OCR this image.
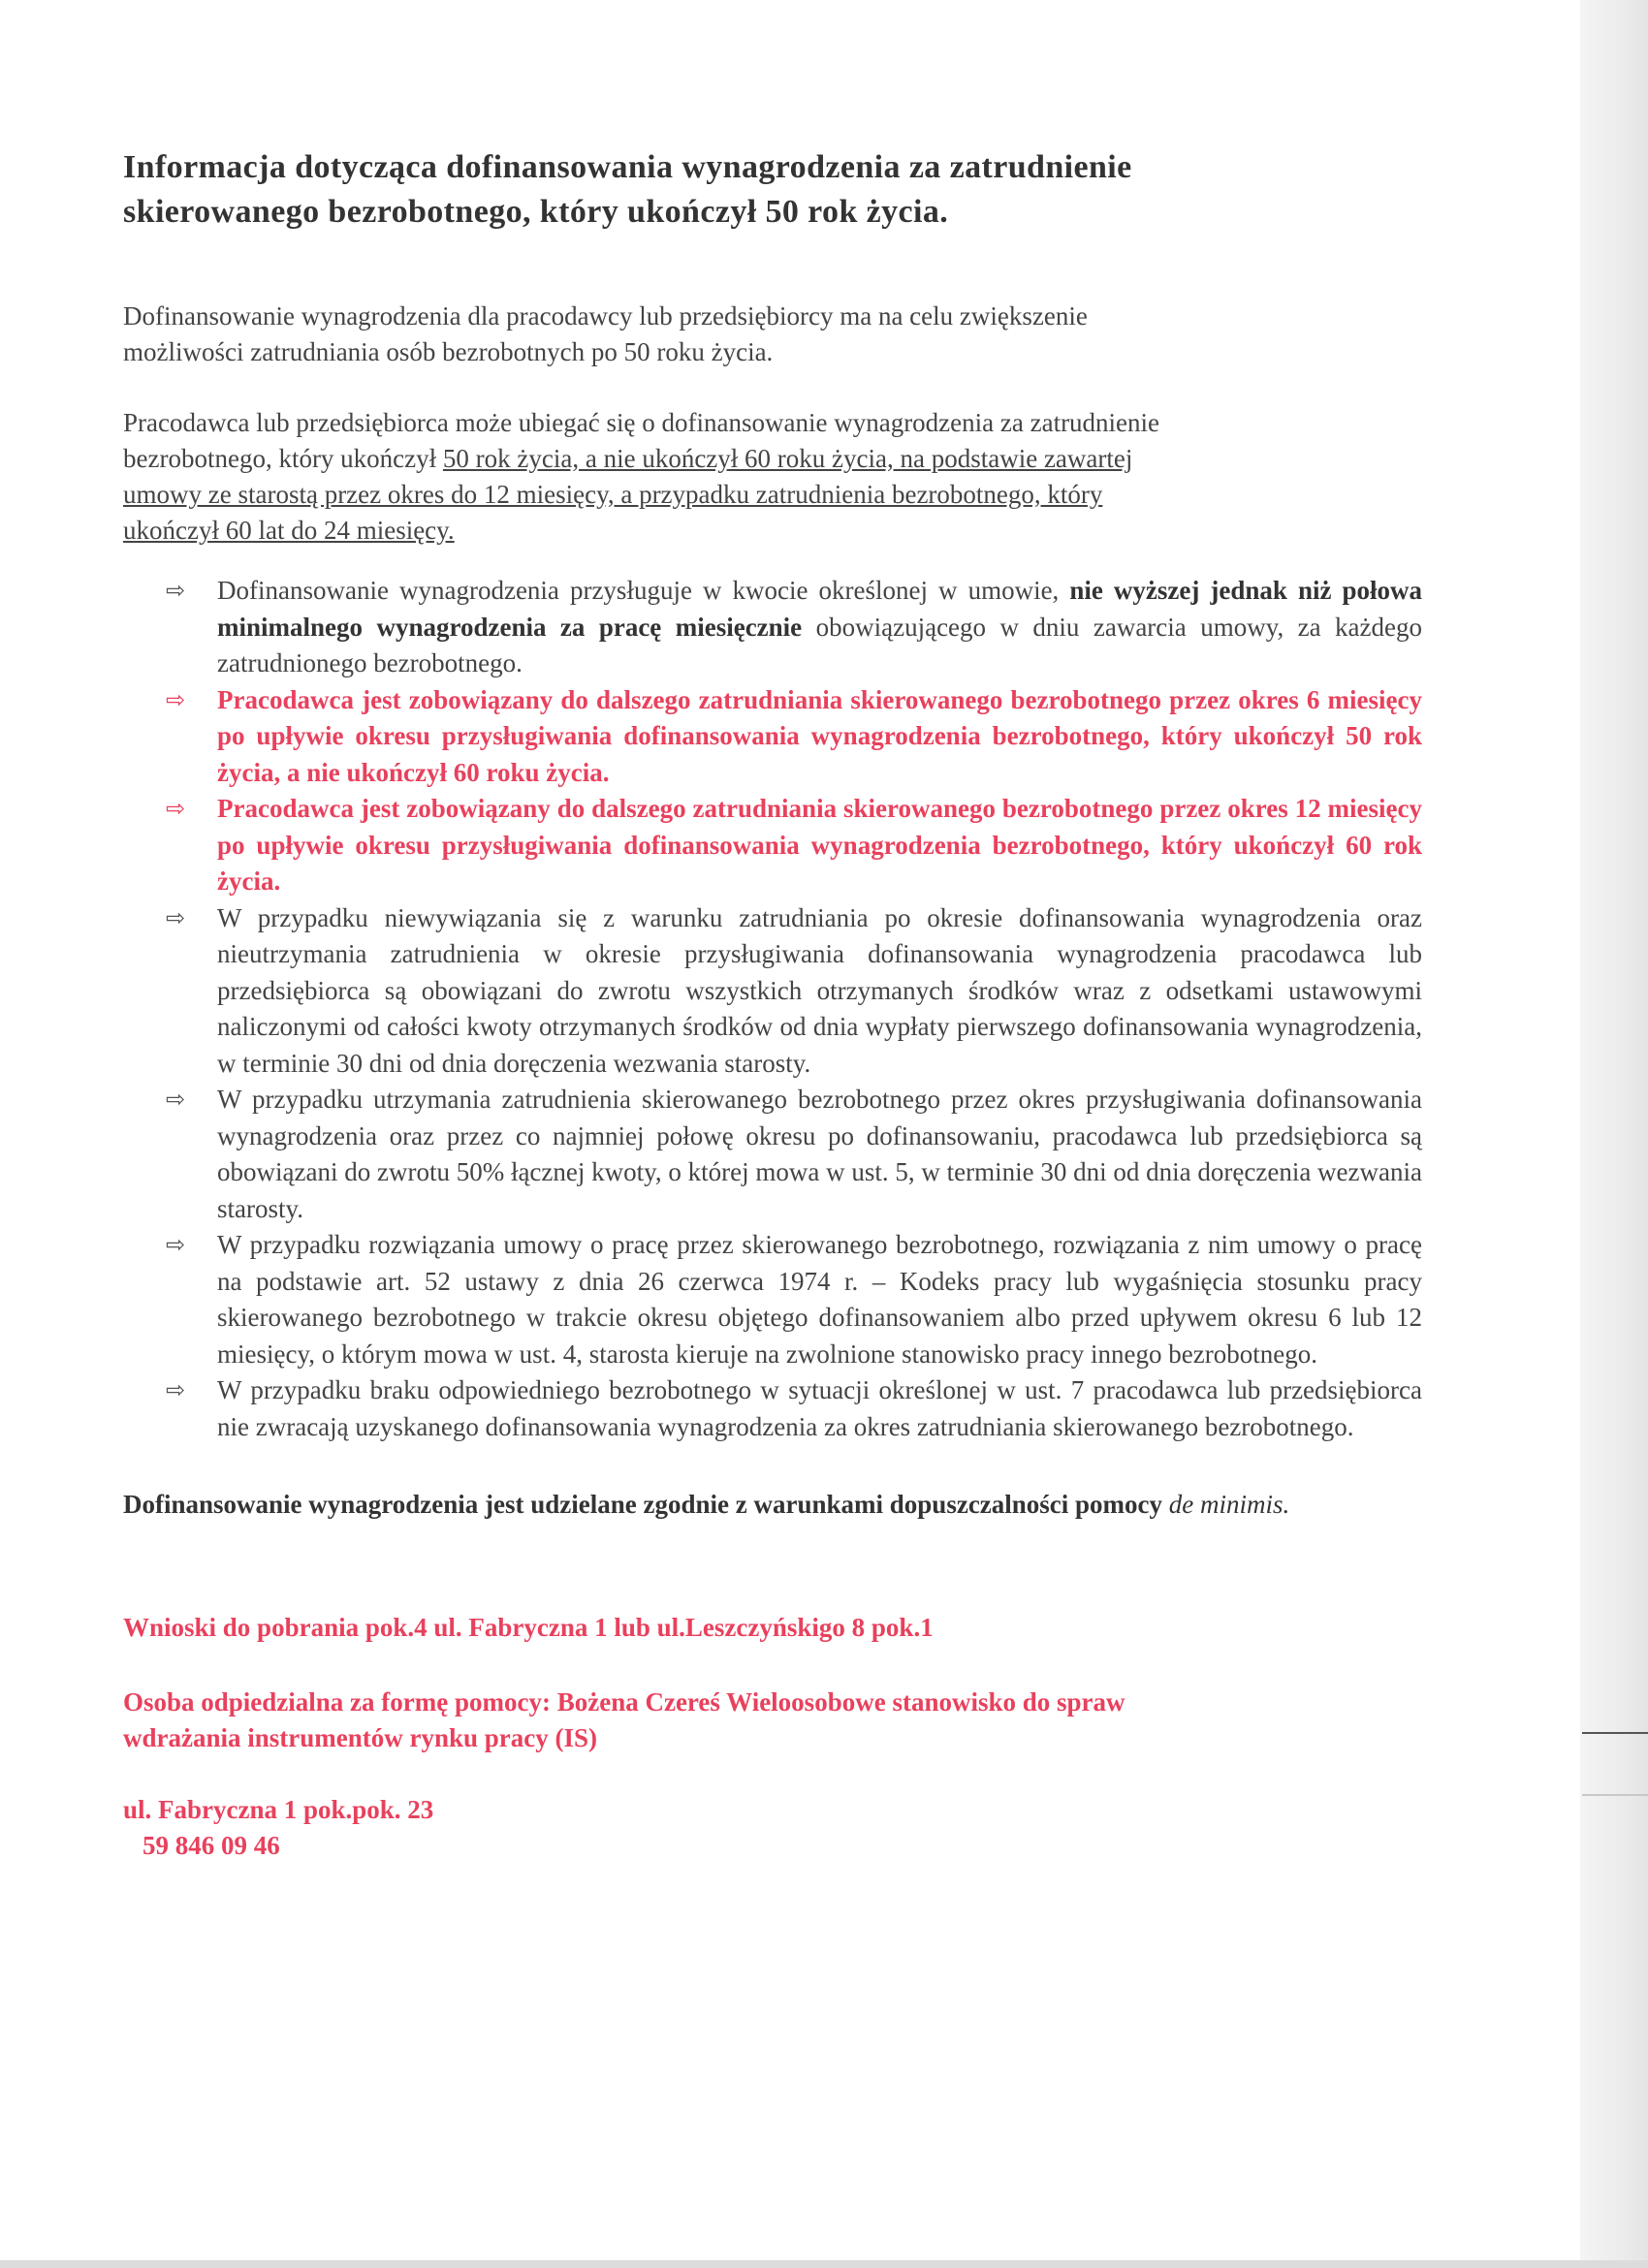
Informacja dotycząca dofinansowania wynagrodzenia za zatrudnienie
skierowanego bezrobotnego, który ukończył 50 rok życia.

Dofinansowanie wynagrodzenia dla pracodawcy lub przedsiębiorcy ma na celu zwiększenie
możliwości zatrudniania osób bezrobotnych po 50 roku życia.

Pracodawca lub przedsiębiorca może ubiegać się o dofinansowanie wynagrodzenia za zatrudnienie
bezrobotnego, który ukończył 50 rok życia, a nie ukończył 60 roku życia, na podstawie zawartej
umowy ze starostą przez okres do 12 miesięcy, a przypadku zatrudnienia bezrobotnego, który
ukończył 60 lat do 24 miesięcy.

⇨ Dofinansowanie wynagrodzenia przysługuje w kwocie określonej w umowie, nie wyższej jednak niż połowa minimalnego wynagrodzenia za pracę miesięcznie obowiązującego w dniu zawarcia umowy, za każdego zatrudnionego bezrobotnego.
⇨ Pracodawca jest zobowiązany do dalszego zatrudniania skierowanego bezrobotnego przez okres 6 miesięcy po upływie okresu przysługiwania dofinansowania wynagrodzenia bezrobotnego, który ukończył 50 rok życia, a nie ukończył 60 roku życia.
⇨ Pracodawca jest zobowiązany do dalszego zatrudniania skierowanego bezrobotnego przez okres 12 miesięcy po upływie okresu przysługiwania dofinansowania wynagrodzenia bezrobotnego, który ukończył 60 rok życia.
⇨ W przypadku niewywiązania się z warunku zatrudniania po okresie dofinansowania wynagrodzenia oraz nieutrzymania zatrudnienia w okresie przysługiwania dofinansowania wynagrodzenia pracodawca lub przedsiębiorca są obowiązani do zwrotu wszystkich otrzymanych środków wraz z odsetkami ustawowymi naliczonymi od całości kwoty otrzymanych środków od dnia wypłaty pierwszego dofinansowania wynagrodzenia, w terminie 30 dni od dnia doręczenia wezwania starosty.
⇨ W przypadku utrzymania zatrudnienia skierowanego bezrobotnego przez okres przysługiwania dofinansowania wynagrodzenia oraz przez co najmniej połowę okresu po dofinansowaniu, pracodawca lub przedsiębiorca są obowiązani do zwrotu 50% łącznej kwoty, o której mowa w ust. 5, w terminie 30 dni od dnia doręczenia wezwania starosty.
⇨ W przypadku rozwiązania umowy o pracę przez skierowanego bezrobotnego, rozwiązania z nim umowy o pracę na podstawie art. 52 ustawy z dnia 26 czerwca 1974 r. – Kodeks pracy lub wygaśnięcia stosunku pracy skierowanego bezrobotnego w trakcie okresu objętego dofinansowaniem albo przed upływem okresu 6 lub 12 miesięcy, o którym mowa w ust. 4, starosta kieruje na zwolnione stanowisko pracy innego bezrobotnego.
⇨ W przypadku braku odpowiedniego bezrobotnego w sytuacji określonej w ust. 7 pracodawca lub przedsiębiorca nie zwracają uzyskanego dofinansowania wynagrodzenia za okres zatrudniania skierowanego bezrobotnego.

Dofinansowanie wynagrodzenia jest udzielane zgodnie z warunkami dopuszczalności pomocy de minimis.

Wnioski do pobrania pok.4 ul. Fabryczna 1 lub ul.Leszczyńskigo 8 pok.1

Osoba odpiedzialna za formę pomocy: Bożena Czereś Wieloosobowe stanowisko do spraw
wdrażania instrumentów rynku pracy (IS)

ul. Fabryczna 1 pok.pok. 23
59 846 09 46
